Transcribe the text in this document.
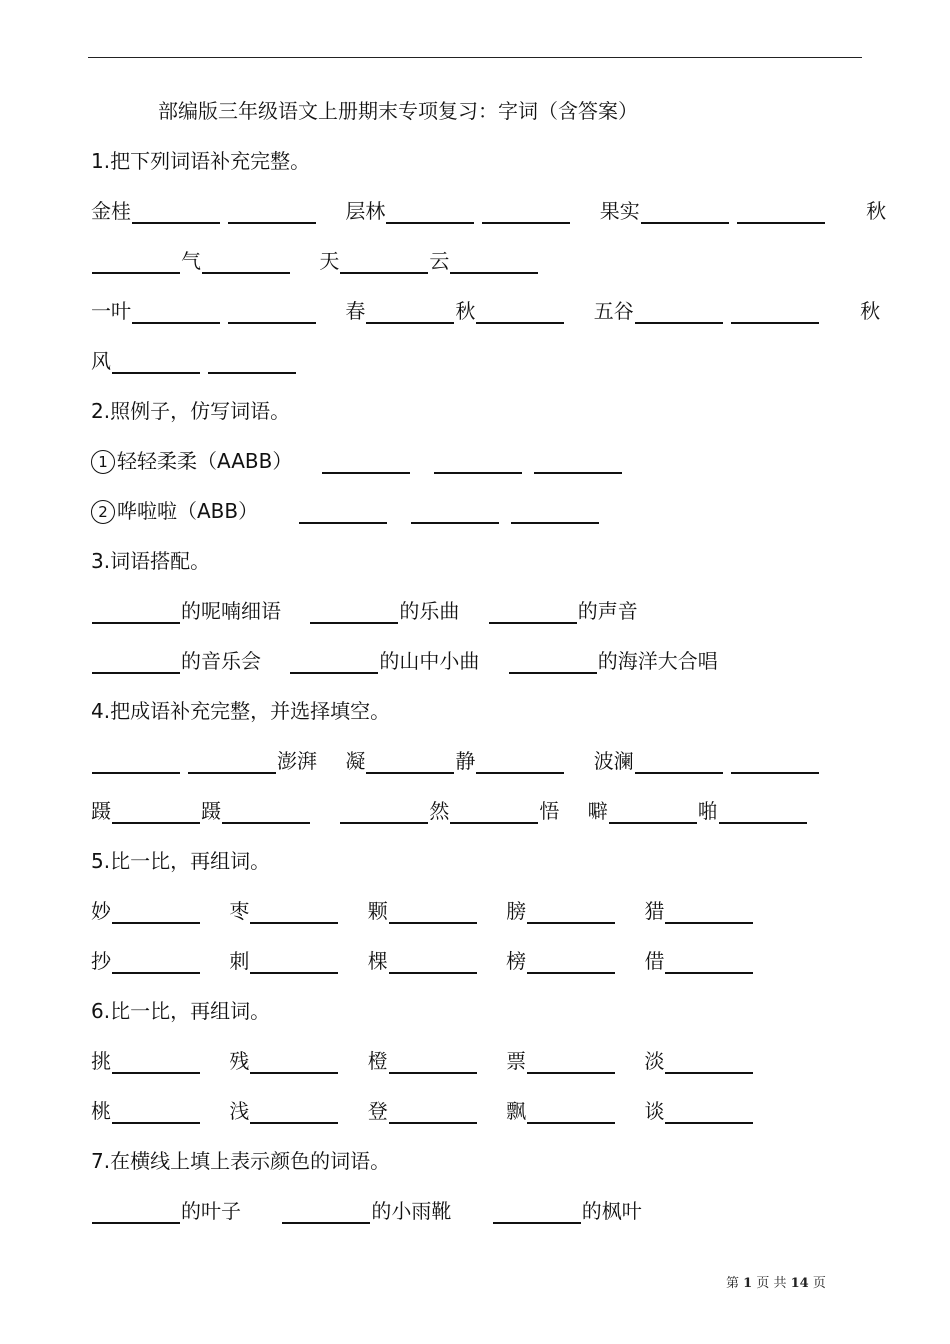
部编版三年级语文上册期末专项复习：字词（含答案）
1.把下列词语补充完整。
金桂	层林	果实	秋
气	天	云
一叶	春	秋	五谷	秋
风
2.照例子，仿写词语。
1 轻轻柔柔（AABB）
2 哗啦啦（ABB）
3.词语搭配。
的呢喃细语	的乐曲	的声音
的音乐会	的山中小曲	的海洋大合唱
4.把成语补充完整，并选择填空。
澎湃 凝	静	波澜
蹑	蹑	然	悟 噼	啪
5.比一比，再组词。
妙	枣	颗	膀	猎
抄	刺	棵	榜	借
6.比一比，再组词。
挑	残	橙	票	淡
桃	浅	登	飘	谈
7.在横线上填上表示颜色的词语。
的叶子	的小雨靴	的枫叶
第 1 页 共 14 页
